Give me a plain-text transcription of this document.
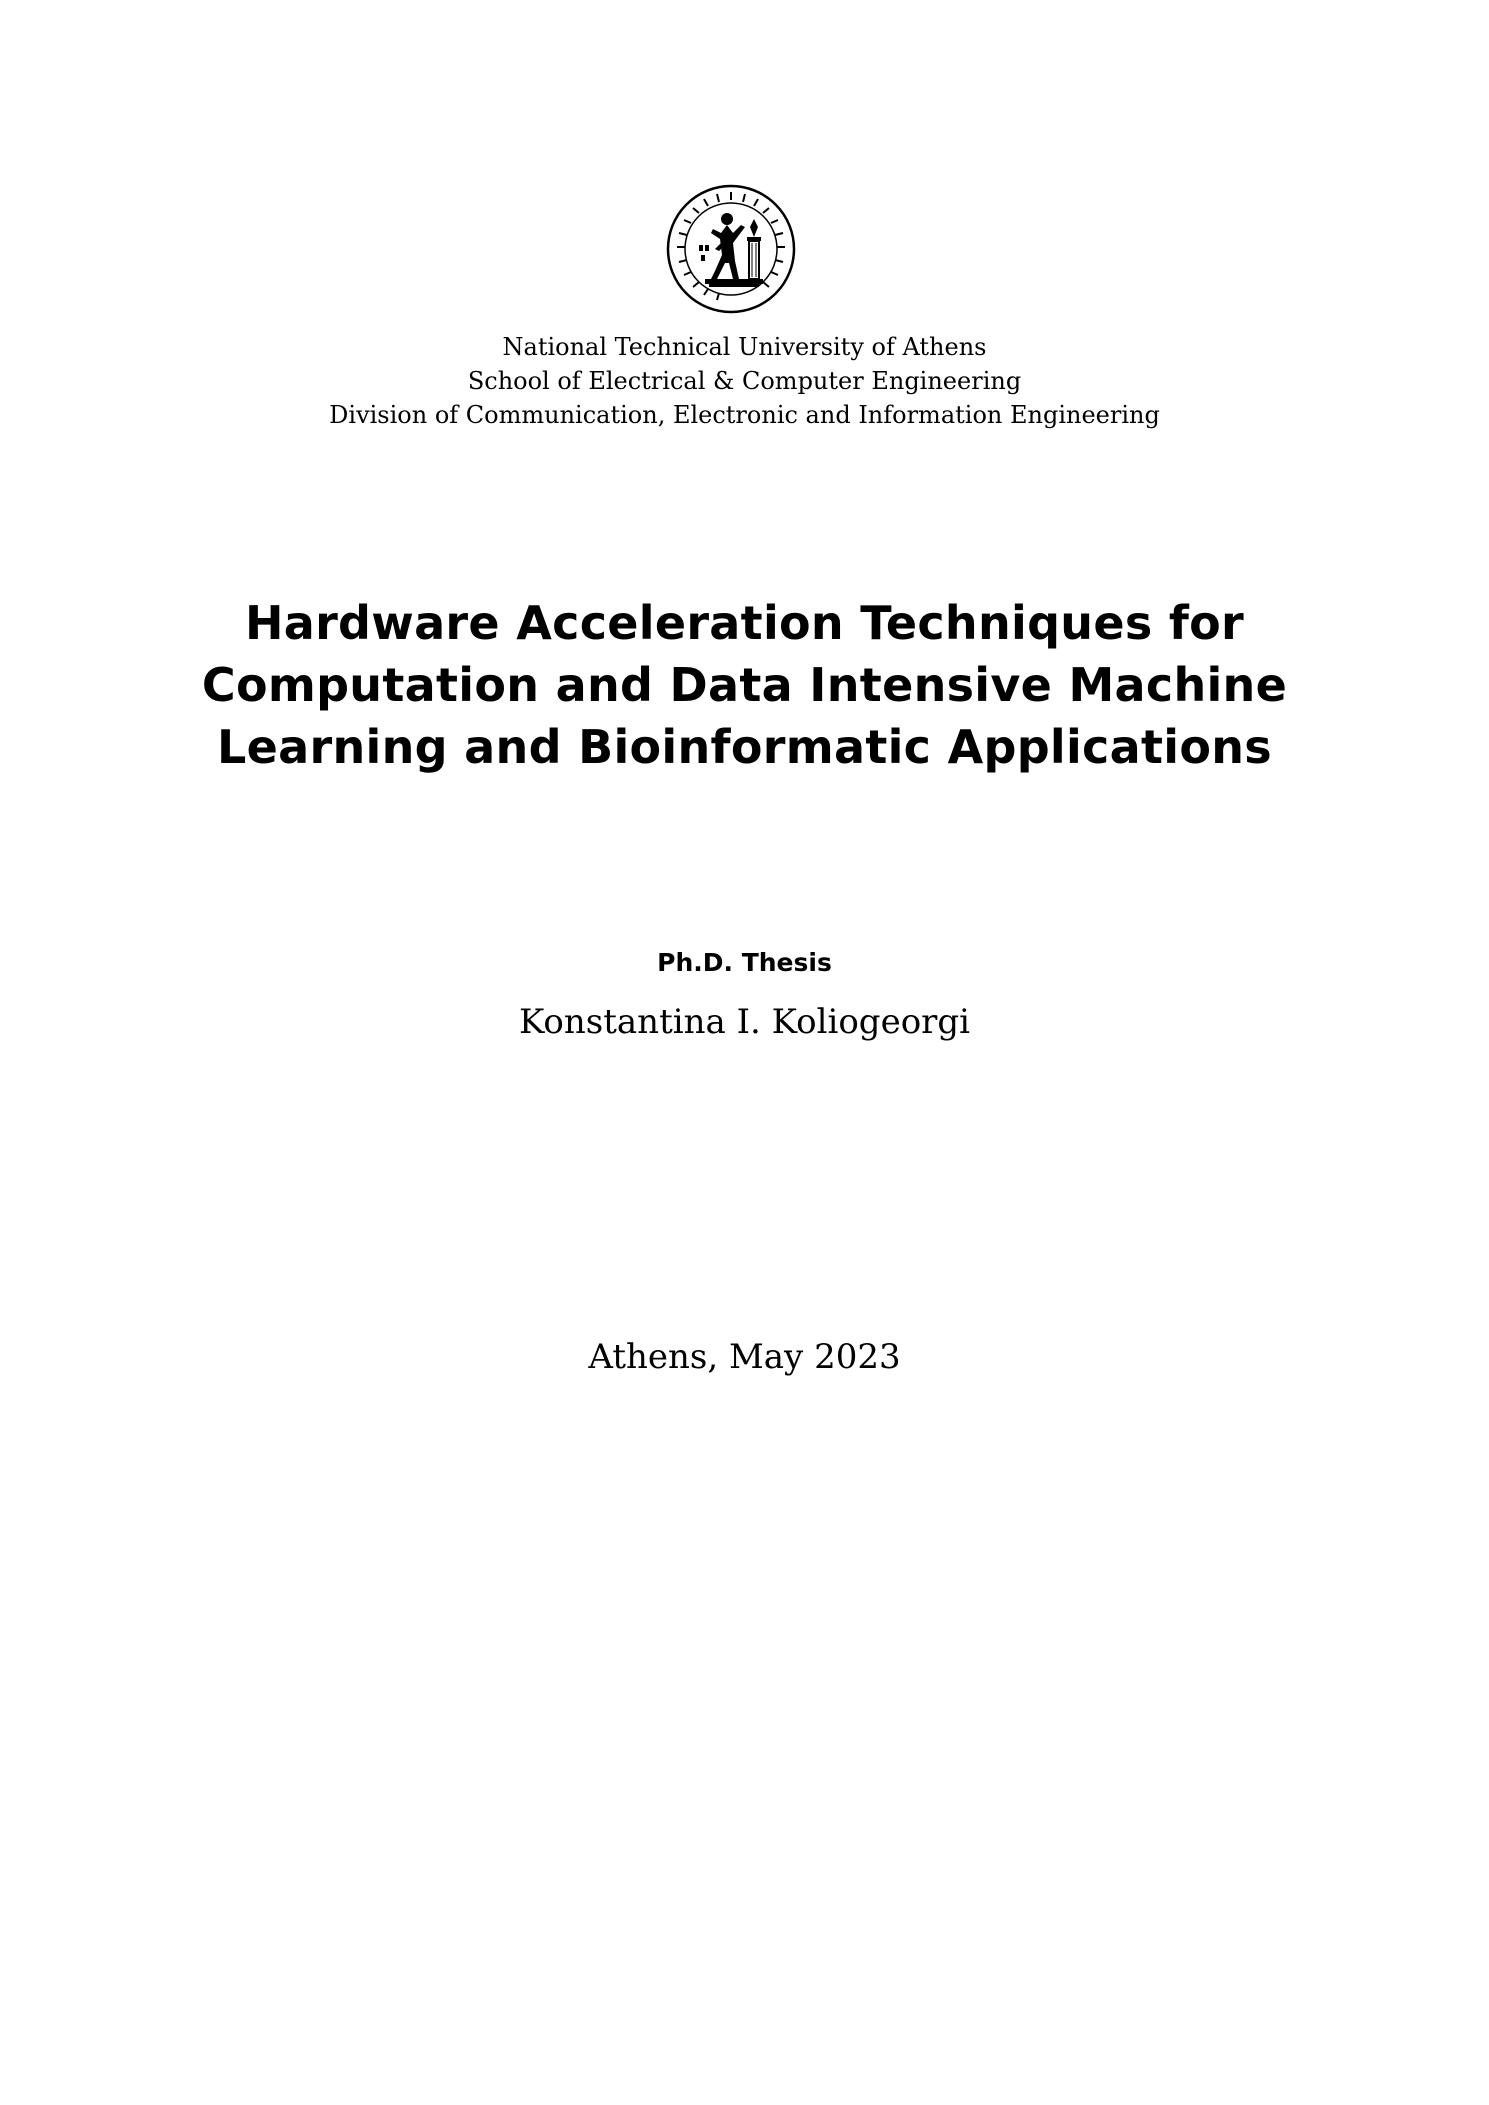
National Technical University of Athens
School of Electrical & Computer Engineering
Division of Communication, Electronic and Information Engineering
Hardware Acceleration Techniques for
Computation and Data Intensive Machine
Learning and Bioinformatic Applications
Ph.D. Thesis
Konstantina I. Koliogeorgi
Athens, May 2023
